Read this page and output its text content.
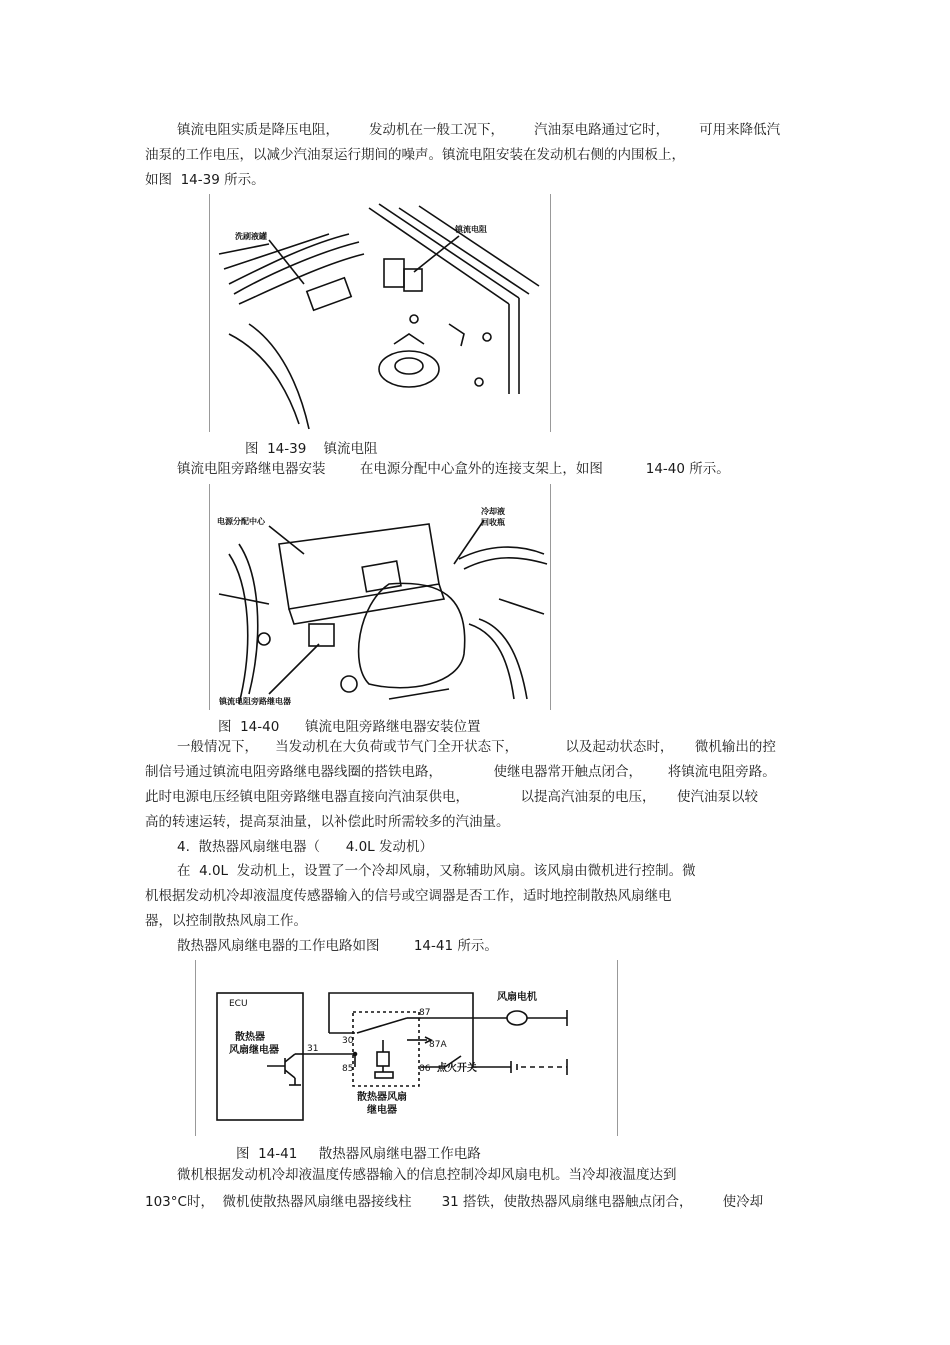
镇流电阻实质是降压电阻，       发动机在一般工况下，       汽油泵电路通过它时，       可用来降低汽
油泵的工作电压，以减少汽油泵运行期间的噪声。镇流电阻安装在发动机右侧的内围板上，
如图  14-39 所示。
洗刷液罐
镇流电阻
图  14-39    镇流电阻
镇流电阻旁路继电器安装        在电源分配中心盒外的连接支架上，如图          14-40 所示。
电源分配中心
冷却液
回收瓶
镇流电阻旁路继电器
图  14-40      镇流电阻旁路继电器安装位置
一般情况下，    当发动机在大负荷或节气门全开状态下，           以及起动状态时，     微机输出的控
制信号通过镇流电阻旁路继电器线圈的搭铁电路，            使继电器常开触点闭合，      将镇流电阻旁路。
此时电源电压经镇电阻旁路继电器直接向汽油泵供电，            以提高汽油泵的电压，     使汽油泵以较
高的转速运转，提高泵油量，以补偿此时所需较多的汽油量。
4.  散热器风扇继电器（      4.0L 发动机）
在  4.0L  发动机上，设置了一个冷却风扇，又称辅助风扇。该风扇由微机进行控制。微
机根据发动机冷却液温度传感器输入的信号或空调器是否工作，适时地控制散热风扇继电
器，以控制散热风扇工作。
散热器风扇继电器的工作电路如图        14-41 所示。
ECU
散热器
风扇继电器	31
30
85
87
87A
86 点火开关
风扇电机
散热器风扇
继电器
图  14-41     散热器风扇继电器工作电路
微机根据发动机冷却液温度传感器输入的信息控制冷却风扇电机。当冷却液温度达到
103°C时，  微机使散热器风扇继电器接线柱       31 搭铁，使散热器风扇继电器触点闭合，       使冷却
